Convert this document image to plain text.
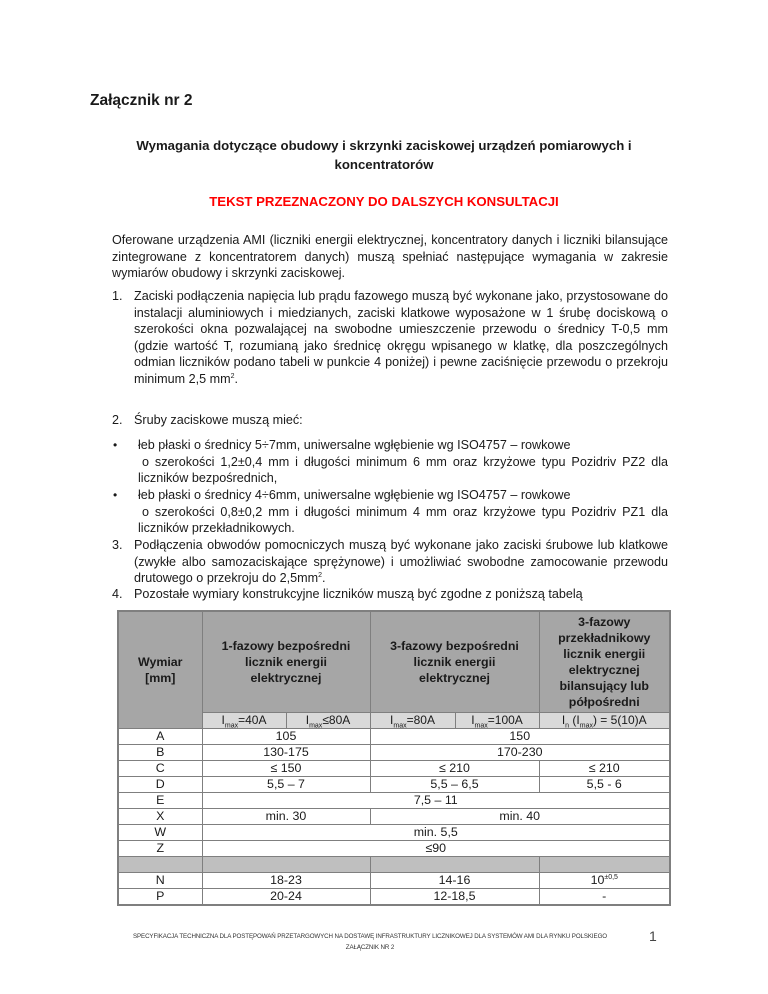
Załącznik nr 2
Wymagania dotyczące obudowy i skrzynki zaciskowej urządzeń pomiarowych i
koncentratorów
TEKST PRZEZNACZONY DO DALSZYCH KONSULTACJI
Oferowane urządzenia AMI (liczniki energii elektrycznej, koncentratory danych i liczniki bilansujące zintegrowane z koncentratorem danych) muszą spełniać następujące wymagania w zakresie wymiarów obudowy i skrzynki zaciskowej.
1. Zaciski podłączenia napięcia lub prądu fazowego muszą być wykonane jako, przystosowane do instalacji aluminiowych i miedzianych, zaciski klatkowe wyposażone w 1 śrubę dociskową o szerokości okna pozwalającej na swobodne umieszczenie przewodu o średnicy T-0,5 mm (gdzie wartość T, rozumianą jako średnicę okręgu wpisanego w klatkę, dla poszczególnych odmian liczników podano tabeli w punkcie 4 poniżej) i pewne zaciśnięcie przewodu o przekroju minimum 2,5 $mm^2$.
2. Śruby zaciskowe muszą mieć:
• łeb płaski o średnicy 5÷7mm, uniwersalne wgłębienie wg ISO4757 – rowkowe
o szerokości 1,2±0,4 mm i długości minimum 6 mm oraz krzyżowe typu Pozidriv PZ2 dla liczników bezpośrednich,
• łeb płaski o średnicy 4÷6mm, uniwersalne wgłębienie wg ISO4757 – rowkowe
o szerokości 0,8±0,2 mm i długości minimum 4 mm oraz krzyżowe typu Pozidriv PZ1 dla liczników przekładnikowych.
3. Podłączenia obwodów pomocniczych muszą być wykonane jako zaciski śrubowe lub klatkowe (zwykłe albo samozaciskające sprężynowe) i umożliwiać swobodne zamocowanie przewodu drutowego o przekroju do $2,5mm^2$.
4. Pozostałe wymiary konstrukcyjne liczników muszą być zgodne z poniższą tabelą
Wymiar [mm]	1-fazowy bezpośredni licznik energii elektrycznej		3-fazowy bezpośredni licznik energii elektrycznej		3-fazowy przekładnikowy licznik energii elektrycznej bilansujący lub półpośredni
	$I_{max}=40A$	$I_{max}\le 80A$	$I_{max}=80A$	$I_{max}=100A$	$I_n$ $(I_{max}) = 5(10)A$
A	105		150		
B	130-175		170-230		
C	≤ 150		≤ 210		≤ 210
D	5,5 – 7		5,5 – 6,5		5,5 - 6
E	7,5 – 11				
X	min. 30		min. 40		
W	min. 5,5				
Z	≤90				

N	18-23		14-16		$10^{\pm 0,5}$
P	20-24		12-18,5		-
SPECYFIKACJA TECHNICZNA DLA POSTĘPOWAŃ PRZETARGOWYCH NA DOSTAWĘ INFRASTRUKTURY LICZNIKOWEJ DLA SYSTEMÓW AMI DLA RYNKU POLSKIEGO
ZAŁĄCZNIK NR 2
1
